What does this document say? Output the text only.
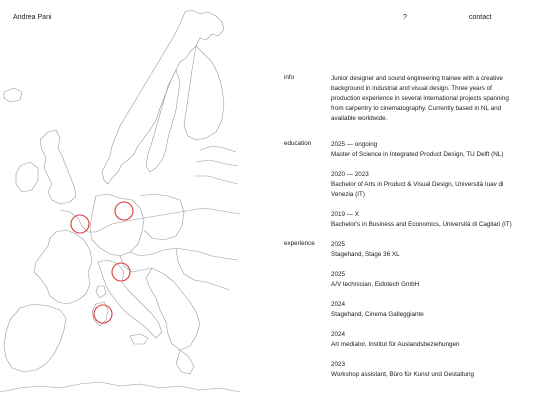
Andrea Pani	?	contact
info	Junior designer and sound engineering trainee with a creative background in industrial and visual design. Three years of production experience in several international projects spanning from carpentry to cinematography. Currently based in NL and available worldwide.
education	2025 — ongoing
Master of Science in Integrated Product Design, TU Delft (NL)
2020 — 2023
Bachelor of Arts in Product & Visual Design, Università Iuav di Venezia (IT)
2019 — X
Bachelor's in Business and Economics, Università di Cagliari (IT)
experience	2025
Stagehand, Stage 36 XL
2025
A/V technician, Eidotech GmbH
2024
Stagehand, Cinema Galleggiante
2024
Art mediator, Institut für Auslandsbeziehungen
2023
Workshop assistant, Büro für Kunst und Gestaltung
